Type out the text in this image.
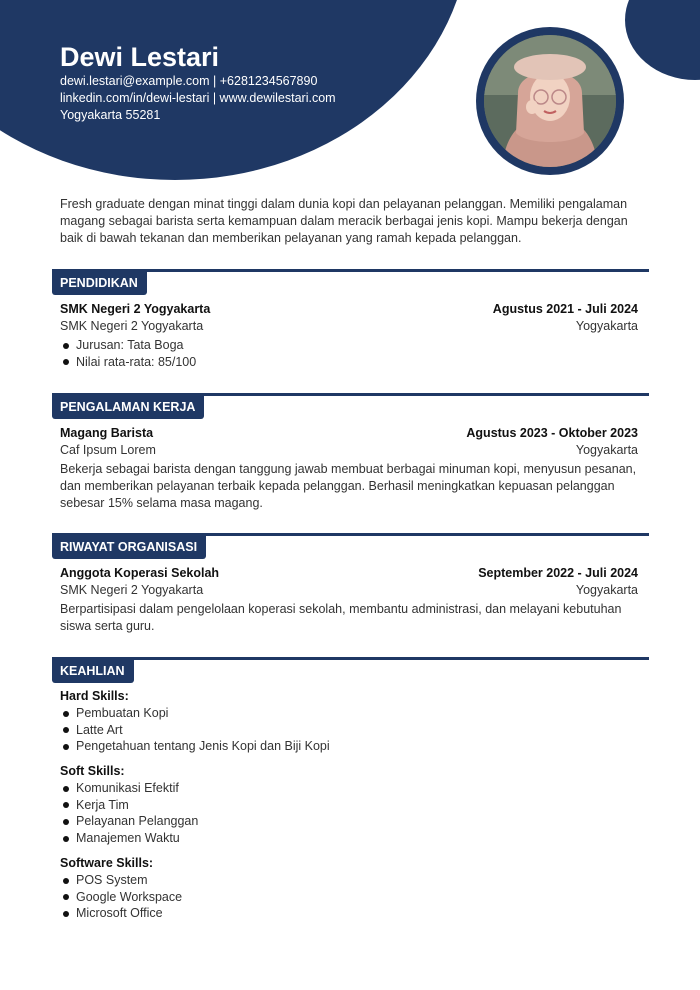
Dewi Lestari
dewi.lestari@example.com | +6281234567890
linkedin.com/in/dewi-lestari | www.dewilestari.com
Yogyakarta 55281

Fresh graduate dengan minat tinggi dalam dunia kopi dan pelayanan pelanggan. Memiliki pengalaman magang sebagai barista serta kemampuan dalam meracik berbagai jenis kopi. Mampu bekerja dengan baik di bawah tekanan dan memberikan pelayanan yang ramah kepada pelanggan.

PENDIDIKAN
SMK Negeri 2 Yogyakarta	Agustus 2021 - Juli 2024
SMK Negeri 2 Yogyakarta	Yogyakarta
Jurusan: Tata Boga
Nilai rata-rata: 85/100
PENGALAMAN KERJA
Magang Barista	Agustus 2023 - Oktober 2023
Caf Ipsum Lorem	Yogyakarta

Bekerja sebagai barista dengan tanggung jawab membuat berbagai minuman kopi, menyusun pesanan, dan memberikan pelayanan terbaik kepada pelanggan. Berhasil meningkatkan kepuasan pelanggan sebesar 15% selama masa magang.

RIWAYAT ORGANISASI
Anggota Koperasi Sekolah	September 2022 - Juli 2024
SMK Negeri 2 Yogyakarta	Yogyakarta

Berpartisipasi dalam pengelolaan koperasi sekolah, membantu administrasi, dan melayani kebutuhan siswa serta guru.

KEAHLIAN
Hard Skills:
Pembuatan Kopi
Latte Art
Pengetahuan tentang Jenis Kopi dan Biji Kopi
Soft Skills:
Komunikasi Efektif
Kerja Tim
Pelayanan Pelanggan
Manajemen Waktu
Software Skills:
POS System
Google Workspace
Microsoft Office
